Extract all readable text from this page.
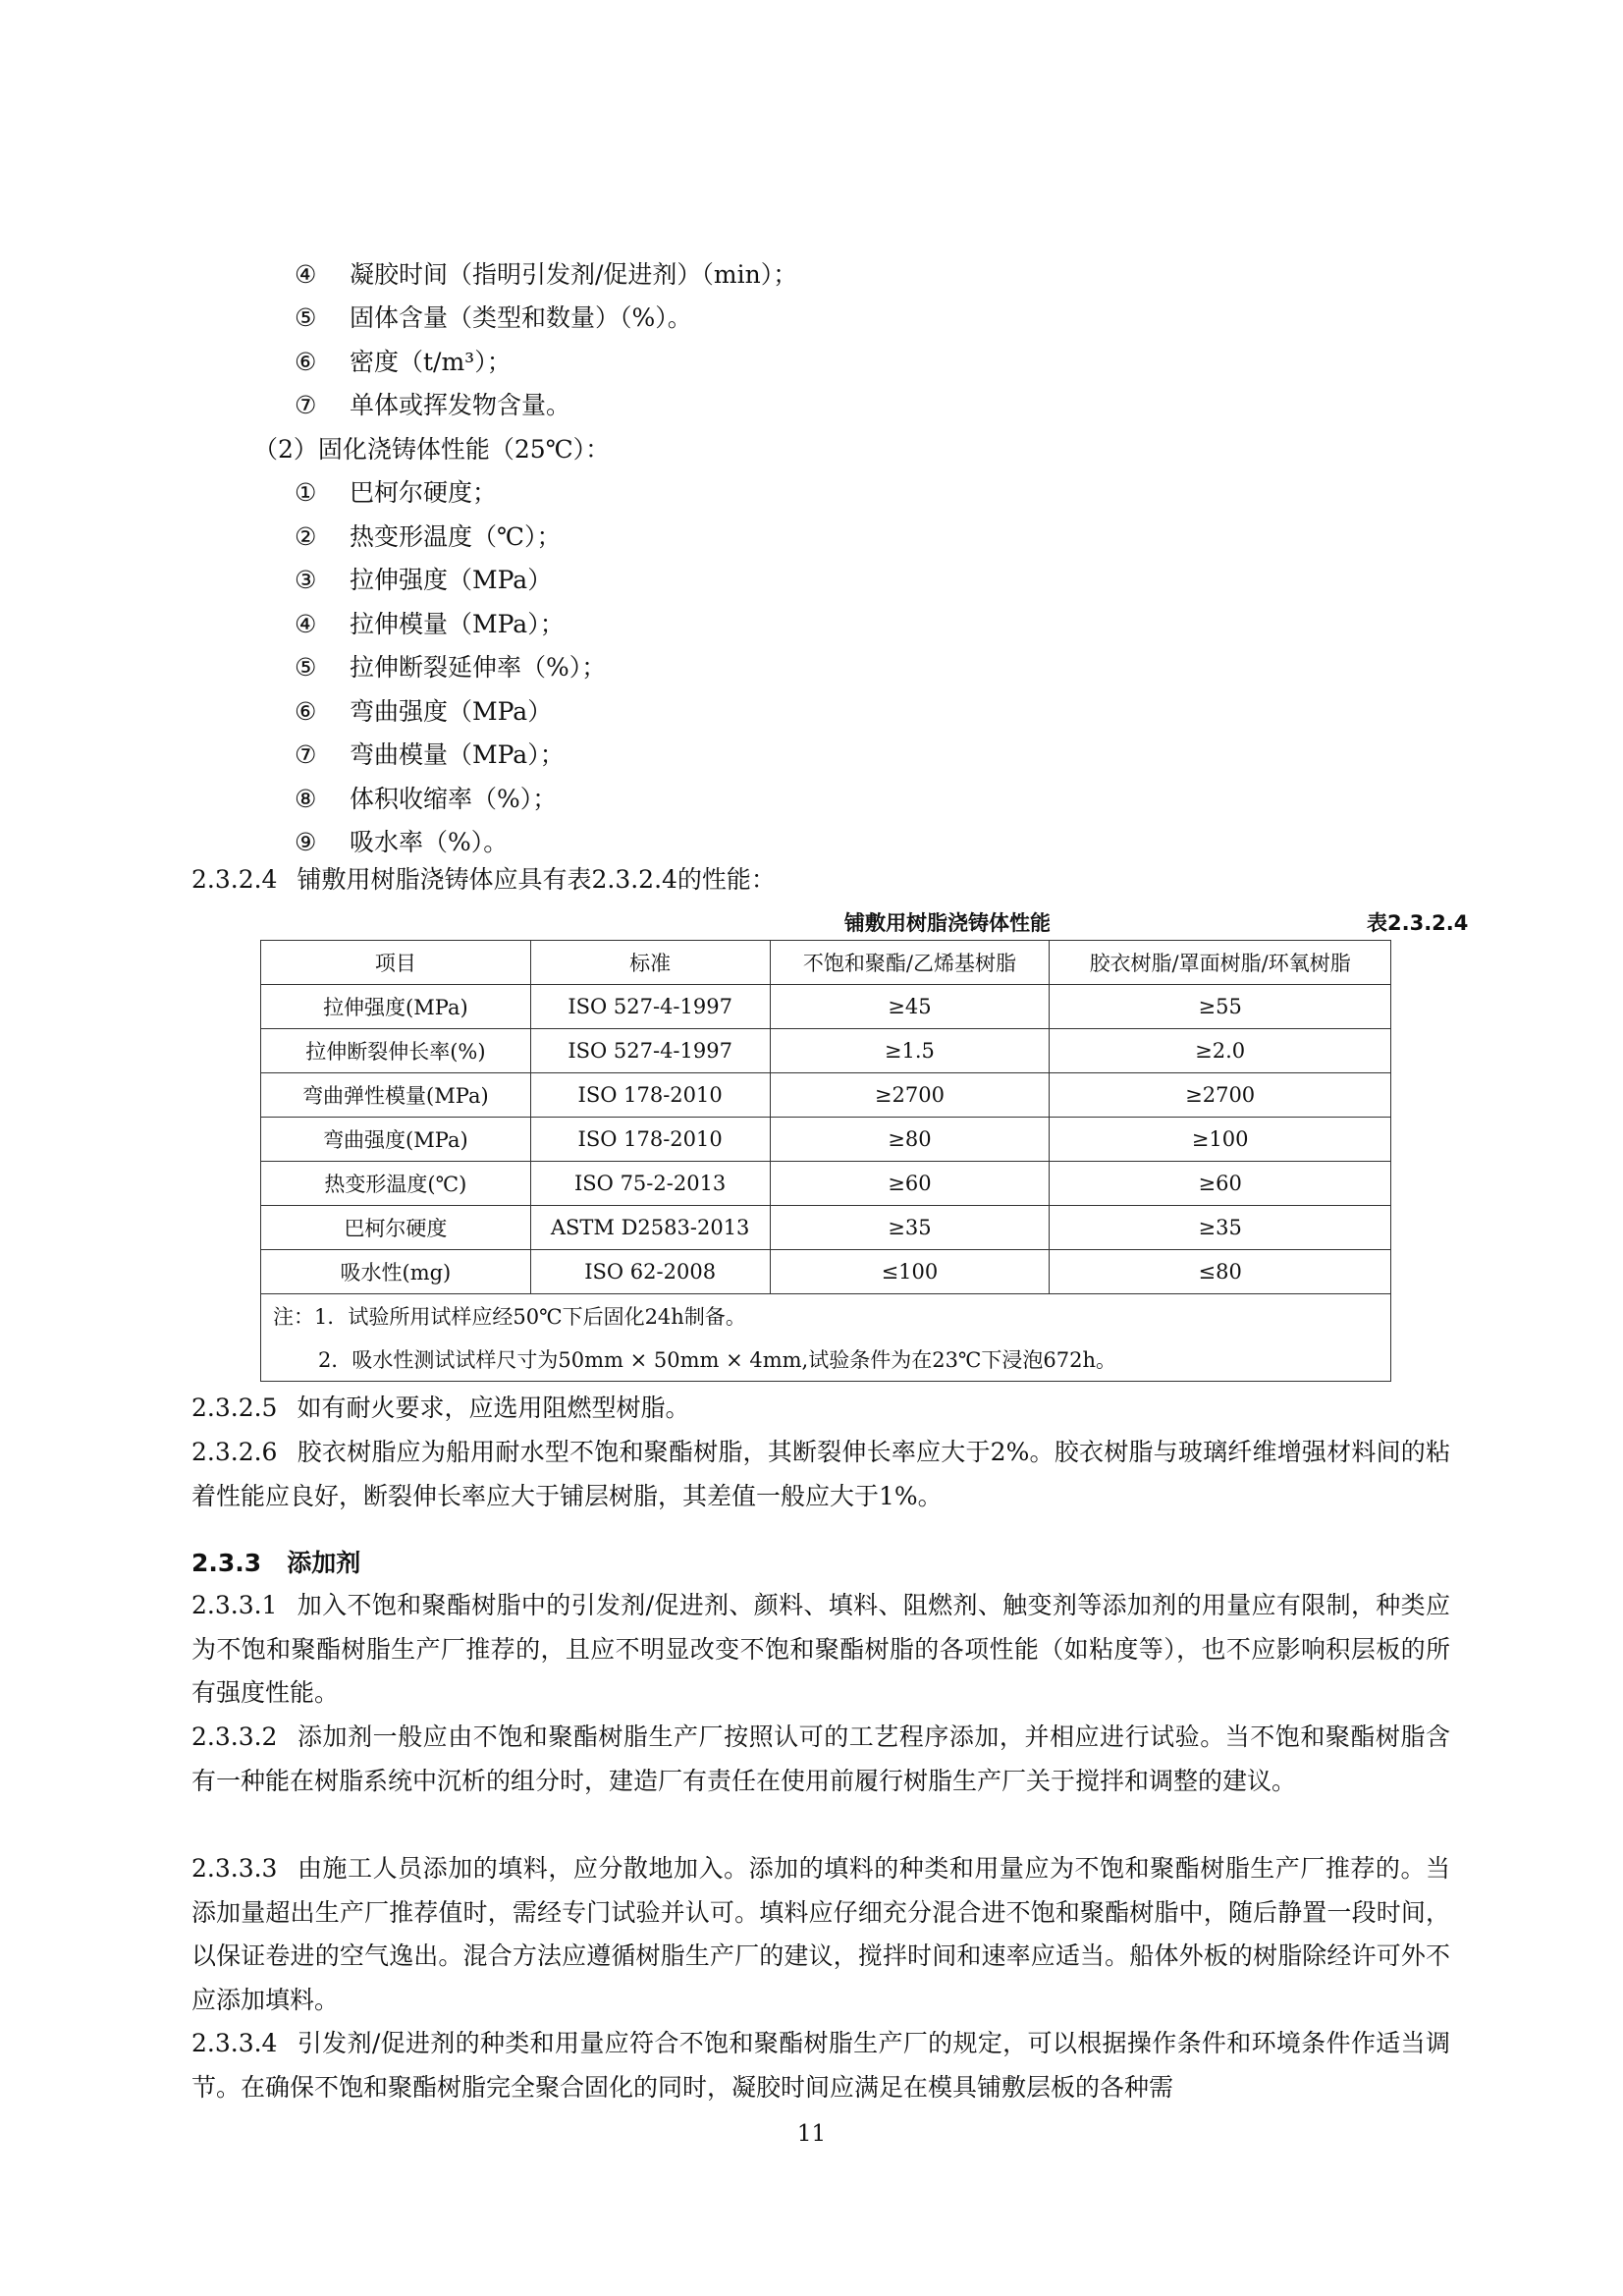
④ 凝胶时间（指明引发剂/促进剂）（min）；
⑤ 固体含量（类型和数量）（%）。
⑥ 密度（t/m³）；
⑦ 单体或挥发物含量。
（2）固化浇铸体性能（25℃）：
① 巴柯尔硬度；
② 热变形温度（℃）；
③ 拉伸强度（MPa）
④ 拉伸模量（MPa）；
⑤ 拉伸断裂延伸率（%）；
⑥ 弯曲强度（MPa）
⑦ 弯曲模量（MPa）；
⑧ 体积收缩率（%）；
⑨ 吸水率（%）。
2.3.2.4 铺敷用树脂浇铸体应具有表2.3.2.4的性能：
铺敷用树脂浇铸体性能	表2.3.2.4
项目	标准	不饱和聚酯/乙烯基树脂	胶衣树脂/罩面树脂/环氧树脂
拉伸强度(MPa)	ISO 527-4-1997	≥45	≥55
拉伸断裂伸长率(%)	ISO 527-4-1997	≥1.5	≥2.0
弯曲弹性模量(MPa)	ISO 178-2010	≥2700	≥2700
弯曲强度(MPa)	ISO 178-2010	≥80	≥100
热变形温度(℃)	ISO 75-2-2013	≥60	≥60
巴柯尔硬度	ASTM D2583-2013	≥35	≥35
吸水性(mg)	ISO 62-2008	≤100	≤80
注：1．试验所用试样应经50℃下后固化24h制备。			
2．吸水性测试试样尺寸为50mm × 50mm × 4mm,试验条件为在23℃下浸泡672h。			
2.3.2.5 如有耐火要求，应选用阻燃型树脂。
2.3.2.6 胶衣树脂应为船用耐水型不饱和聚酯树脂，其断裂伸长率应大于2%。胶衣树脂与玻璃纤维增强材料间的粘着性能应良好，断裂伸长率应大于铺层树脂，其差值一般应大于1%。
2.3.3 添加剂
2.3.3.1 加入不饱和聚酯树脂中的引发剂/促进剂、颜料、填料、阻燃剂、触变剂等添加剂的用量应有限制，种类应为不饱和聚酯树脂生产厂推荐的，且应不明显改变不饱和聚酯树脂的各项性能（如粘度等），也不应影响积层板的所有强度性能。
2.3.3.2 添加剂一般应由不饱和聚酯树脂生产厂按照认可的工艺程序添加，并相应进行试验。当不饱和聚酯树脂含有一种能在树脂系统中沉析的组分时，建造厂有责任在使用前履行树脂生产厂关于搅拌和调整的建议。
2.3.3.3 由施工人员添加的填料，应分散地加入。添加的填料的种类和用量应为不饱和聚酯树脂生产厂推荐的。当添加量超出生产厂推荐值时，需经专门试验并认可。填料应仔细充分混合进不饱和聚酯树脂中，随后静置一段时间，以保证卷进的空气逸出。混合方法应遵循树脂生产厂的建议，搅拌时间和速率应适当。船体外板的树脂除经许可外不应添加填料。
2.3.3.4 引发剂/促进剂的种类和用量应符合不饱和聚酯树脂生产厂的规定，可以根据操作条件和环境条件作适当调节。在确保不饱和聚酯树脂完全聚合固化的同时，凝胶时间应满足在模具铺敷层板的各种需
11
